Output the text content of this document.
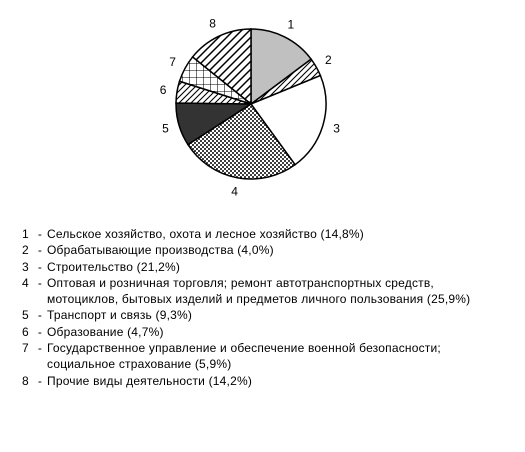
1
2
3
4
5
6
7
8
1 - Сельское хозяйство, охота и лесное хозяйство (14,8%)
2 - Обрабатывающие производства (4,0%)
3 - Строительство (21,2%)
4 - Оптовая и розничная торговля; ремонт автотранспортных средств,
мотоциклов, бытовых изделий и предметов личного пользования (25,9%)
5 - Транспорт и связь (9,3%)
6 - Образование (4,7%)
7 - Государственное управление и обеспечение военной безопасности;
социальное страхование (5,9%)
8 - Прочие виды деятельности (14,2%)
